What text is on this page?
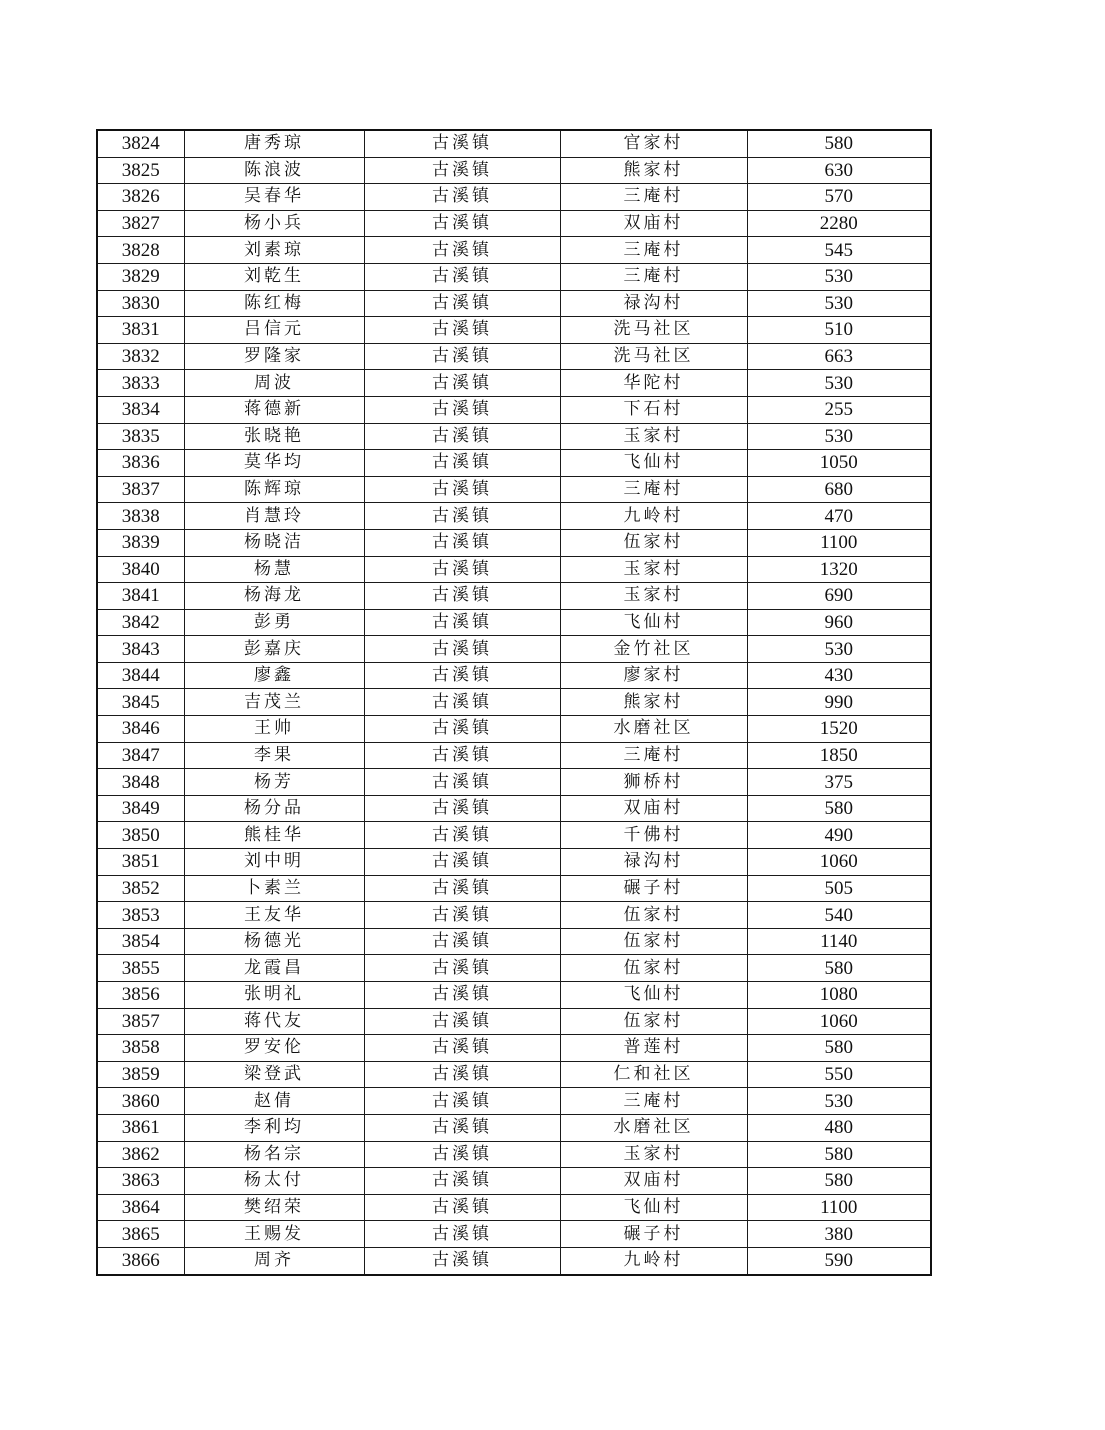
3824	唐秀琼	古溪镇	官家村	580
3825	陈浪波	古溪镇	熊家村	630
3826	吴春华	古溪镇	三庵村	570
3827	杨小兵	古溪镇	双庙村	2280
3828	刘素琼	古溪镇	三庵村	545
3829	刘乾生	古溪镇	三庵村	530
3830	陈红梅	古溪镇	禄沟村	530
3831	吕信元	古溪镇	洗马社区	510
3832	罗隆家	古溪镇	洗马社区	663
3833	周波	古溪镇	华陀村	530
3834	蒋德新	古溪镇	下石村	255
3835	张晓艳	古溪镇	玉家村	530
3836	莫华均	古溪镇	飞仙村	1050
3837	陈辉琼	古溪镇	三庵村	680
3838	肖慧玲	古溪镇	九岭村	470
3839	杨晓洁	古溪镇	伍家村	1100
3840	杨慧	古溪镇	玉家村	1320
3841	杨海龙	古溪镇	玉家村	690
3842	彭勇	古溪镇	飞仙村	960
3843	彭嘉庆	古溪镇	金竹社区	530
3844	廖鑫	古溪镇	廖家村	430
3845	吉茂兰	古溪镇	熊家村	990
3846	王帅	古溪镇	水磨社区	1520
3847	李果	古溪镇	三庵村	1850
3848	杨芳	古溪镇	狮桥村	375
3849	杨分品	古溪镇	双庙村	580
3850	熊桂华	古溪镇	千佛村	490
3851	刘中明	古溪镇	禄沟村	1060
3852	卜素兰	古溪镇	碾子村	505
3853	王友华	古溪镇	伍家村	540
3854	杨德光	古溪镇	伍家村	1140
3855	龙霞昌	古溪镇	伍家村	580
3856	张明礼	古溪镇	飞仙村	1080
3857	蒋代友	古溪镇	伍家村	1060
3858	罗安伦	古溪镇	普莲村	580
3859	梁登武	古溪镇	仁和社区	550
3860	赵倩	古溪镇	三庵村	530
3861	李利均	古溪镇	水磨社区	480
3862	杨名宗	古溪镇	玉家村	580
3863	杨太付	古溪镇	双庙村	580
3864	樊绍荣	古溪镇	飞仙村	1100
3865	王赐发	古溪镇	碾子村	380
3866	周齐	古溪镇	九岭村	590
